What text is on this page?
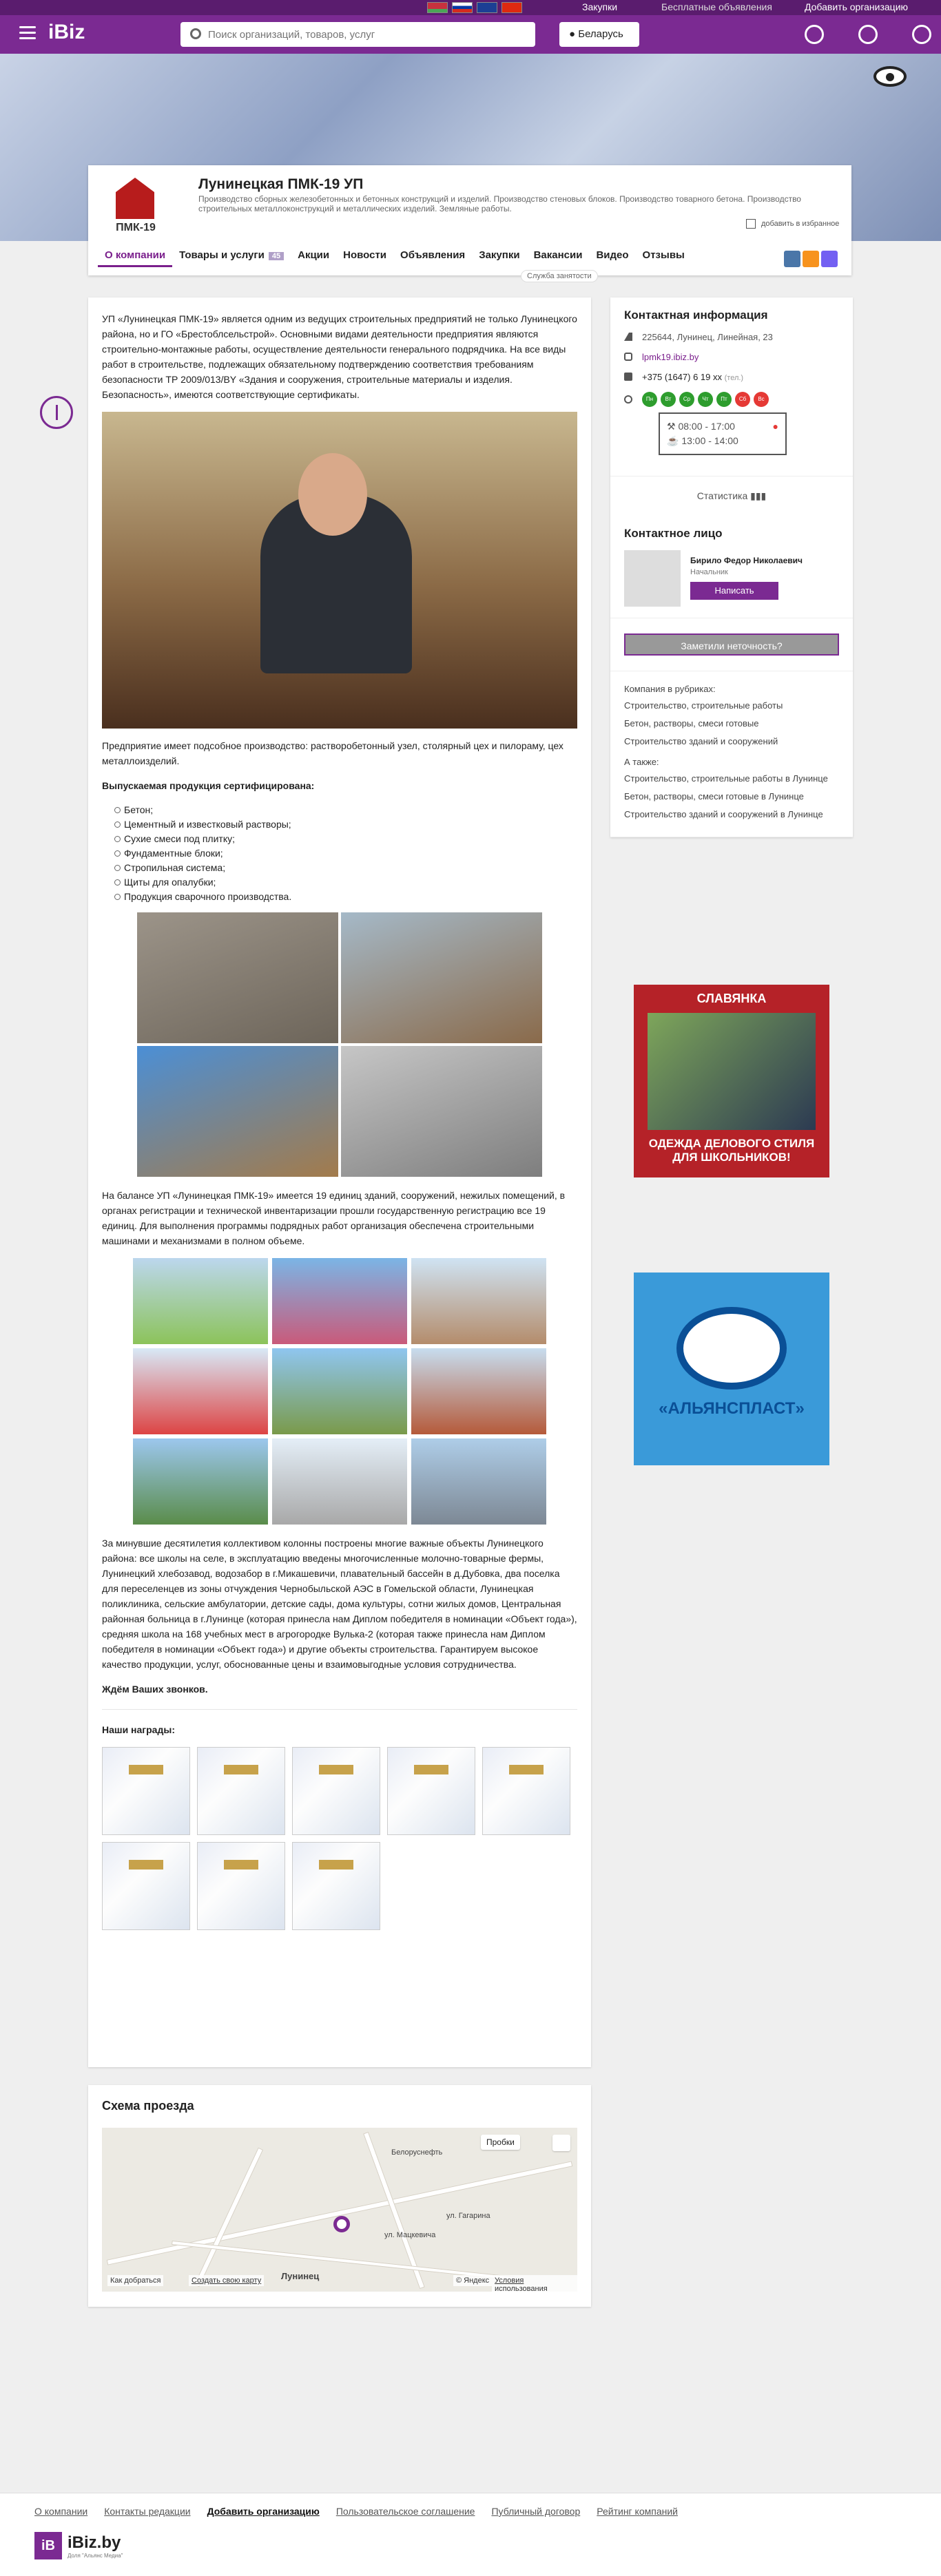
Закупки	Бесплатные объявления	Добавить организацию
iBiz
Поиск организаций, товаров, услуг	● Беларусь
ПМК-19
Лунинецкая ПМК-19 УП
Производство сборных железобетонных и бетонных конструкций и изделий. Производство стеновых блоков. Производство товарного бетона. Производство строительных металлоконструкций и металлических изделий. Земляные работы.
добавить в избранное
О компании	Товары и услуги 45	Акции	Новости	Объявления	Закупки	Вакансии	Видео	Отзывы
Служба занятости

УП «Лунинецкая ПМК-19» является одним из ведущих строительных предприятий не только Лунинецкого района, но и ГО «Брестоблсельстрой». Основными видами деятельности предприятия являются строительно-монтажные работы, осуществление деятельности генерального подрядчика. На все виды работ в строительстве, подлежащих обязательному подтверждению соответствия требованиям безопасности ТР 2009/013/BY «Здания и сооружения, строительные материалы и изделия. Безопасность», имеются соответствующие сертификаты.

Предприятие имеет подсобное производство: растворобетонный узел, столярный цех и пилораму, цех металлоизделий.

Выпускаемая продукция сертифицирована:

Бетон;
Цементный и известковый растворы;
Сухие смеси под плитку;
Фундаментные блоки;
Стропильная система;
Щиты для опалубки;
Продукция сварочного производства.

На балансе УП «Лунинецкая ПМК-19» имеется 19 единиц зданий, сооружений, нежилых помещений, в органах регистрации и технической инвентаризации прошли государственную регистрацию все 19 единиц. Для выполнения программы подрядных работ организация обеспечена строительными машинами и механизмами в полном объеме.

За минувшие десятилетия коллективом колонны построены многие важные объекты Лунинецкого района: все школы на селе, в эксплуатацию введены многочисленные молочно-товарные фермы, Лунинецкий хлебозавод, водозабор в г.Микашевичи, плавательный бассейн в д.Дубовка, два поселка для переселенцев из зоны отчуждения Чернобыльской АЭС в Гомельской области, Лунинецкая поликлиника, сельские амбулатории, детские сады, дома культуры, сотни жилых домов, Центральная районная больница в г.Лунинце (которая принесла нам Диплом победителя в номинации «Объект года»), средняя школа на 168 учебных мест в агрогородке Вулька-2 (которая также принесла нам Диплом победителя в номинации «Объект года») и другие объекты строительства. Гарантируем высокое качество продукции, услуг, обоснованные цены и взаимовыгодные условия сотрудничества.

Ждём Ваших звонков.

Наши награды:

Схема проезда
Белоруснефть
ул. Мацкевича
ул. Гагарина
Лунинец
Пробки
Как добраться	Создать свою карту	© Яндекс Условия использования
Контактная информация
225644, Лунинец, Линейная, 23
lpmk19.ibiz.by
+375 (1647) 6 19 хх (тел.)
Пн	Вт	Ср	Чт	Пт	Сб	Вс
⚒ 08:00 - 17:00	●
☕ 13:00 - 14:00
Статистика ▮▮▮
Контактное лицо
Бирило Федор Николаевич
Начальник
Написать
Заметили неточность?
Компания в рубриках:
Строительство, строительные работы
Бетон, растворы, смеси готовые
Строительство зданий и сооружений
А также:
Строительство, строительные работы в Лунинце
Бетон, растворы, смеси готовые в Лунинце
Строительство зданий и сооружений в Лунинце
СЛАВЯНКА
ОДЕЖДА ДЕЛОВОГО СТИЛЯ ДЛЯ ШКОЛЬНИКОВ!
«АЛЬЯНСПЛАСТ»
О компании Контакты редакции Добавить организацию Пользовательское соглашение Публичный договор Рейтинг компаний
iB iBiz.by
Доля "Альянс Медиа"
